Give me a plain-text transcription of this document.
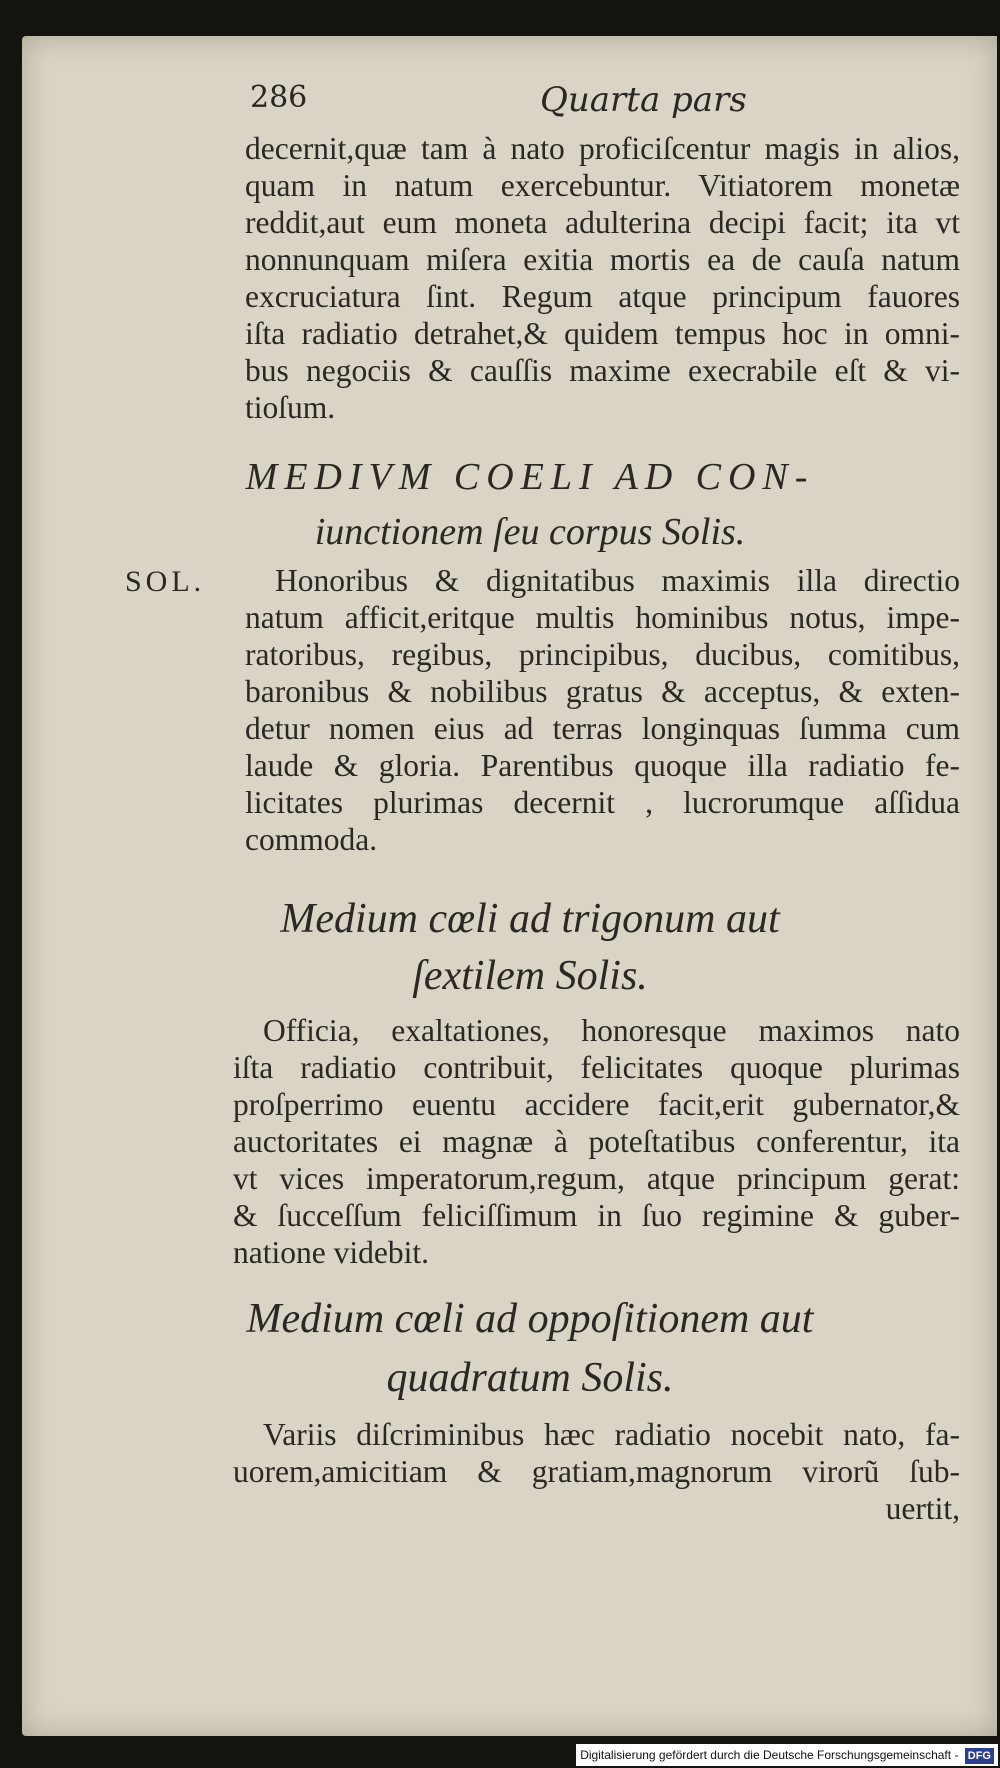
286	Quarta pars
decernit,quæ tam à nato proficiſcentur magis in alios,
quam in natum exercebuntur. Vitiatorem monetæ
reddit,aut eum moneta adulterina decipi facit; ita vt
nonnunquam miſera exitia mortis ea de cauſa natum
excruciatura ſint. Regum atque principum fauores
iſta radiatio detrahet,& quidem tempus hoc in omni-
bus negociis & cauſſis maxime execrabile eſt & vi-
tioſum.
MEDIVM COELI AD CON-
iunctionem ſeu corpus Solis.
SOL.	Honoribus & dignitatibus maximis illa directio
natum afficit,eritque multis hominibus notus, impe-
ratoribus, regibus, principibus, ducibus, comitibus,
baronibus & nobilibus gratus & acceptus, & exten-
detur nomen eius ad terras longinquas ſumma cum
laude & gloria. Parentibus quoque illa radiatio fe-
licitates plurimas decernit , lucrorumque aſſidua
commoda.
Medium cœli ad trigonum aut
ſextilem Solis.
Officia, exaltationes, honoresque maximos nato
iſta radiatio contribuit, felicitates quoque plurimas
proſperrimo euentu accidere facit,erit gubernator,&
auctoritates ei magnæ à poteſtatibus conferentur, ita
vt vices imperatorum,regum, atque principum gerat:
& ſucceſſum feliciſſimum in ſuo regimine & guber-
natione videbit.
Medium cœli ad oppoſitionem aut
quadratum Solis.
Variis diſcriminibus hæc radiatio nocebit nato, fa-
uorem,amicitiam & gratiam,magnorum virorũ ſub-
uertit,
Digitalisierung gefördert durch die Deutsche Forschungsgemeinschaft - DFG
